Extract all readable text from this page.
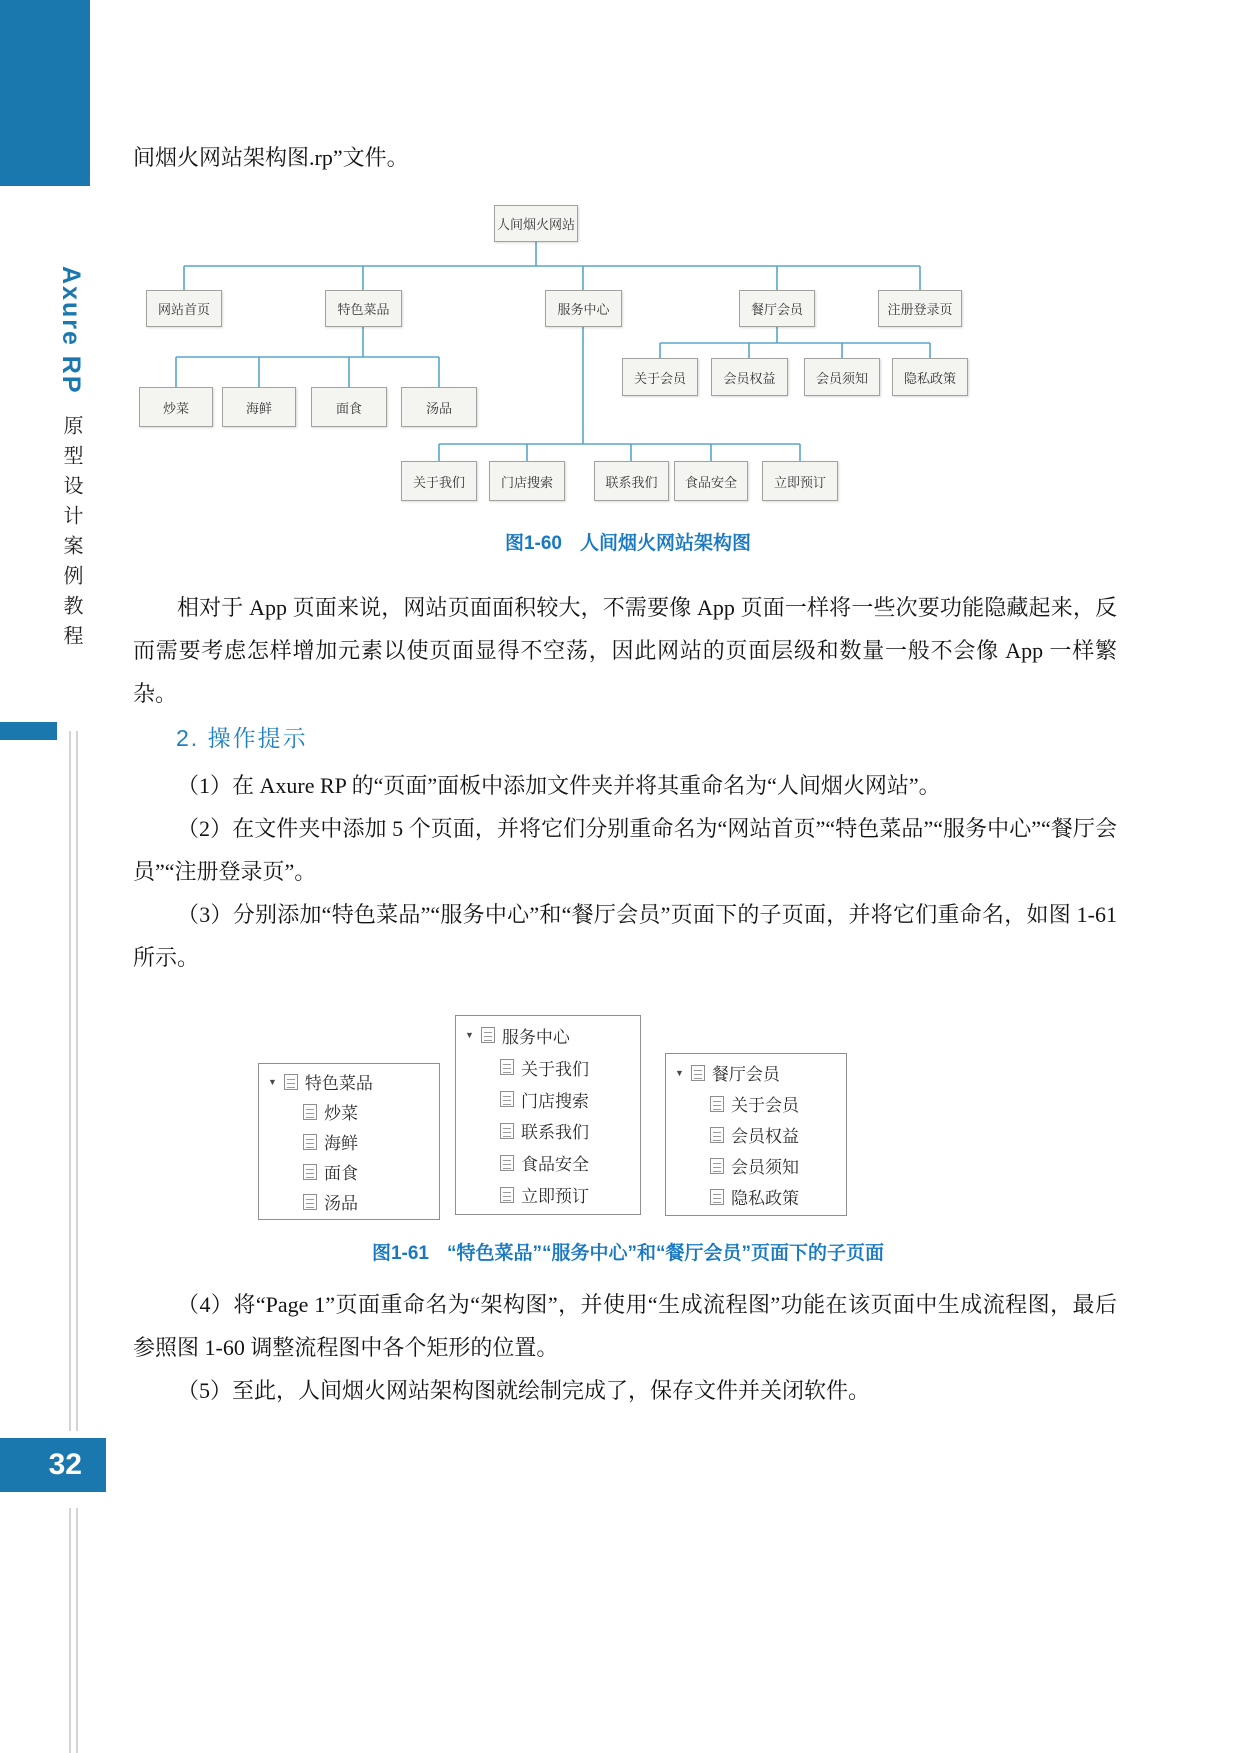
Axure RP 原型设计案例教程
32

间烟火网站架构图.rp”文件。

人间烟火网站
网站首页	特色菜品	服务中心	餐厅会员	注册登录页
炒菜	海鲜	面食	汤品
关于会员	会员权益	会员须知	隐私政策
关于我们	门店搜索	联系我们	食品安全	立即预订
图1-60 人间烟火网站架构图

相对于 App 页面来说，网站页面面积较大，不需要像 App 页面一样将一些次要功能隐藏起来，反而需要考虑怎样增加元素以使页面显得不空荡，因此网站的页面层级和数量一般不会像 App 一样繁杂。

2. 操作提示

（1）在 Axure RP 的“页面”面板中添加文件夹并将其重命名为“人间烟火网站”。

（2）在文件夹中添加 5 个页面，并将它们分别重命名为“网站首页”“特色菜品”“服务中心”“餐厅会员”“注册登录页”。

（3）分别添加“特色菜品”“服务中心”和“餐厅会员”页面下的子页面，并将它们重命名，如图 1-61 所示。

▼ 特色菜品
炒菜
海鲜
面食
汤品
▼ 服务中心
关于我们
门店搜索
联系我们
食品安全
立即预订
▼ 餐厅会员
关于会员
会员权益
会员须知
隐私政策
图1-61 “特色菜品”“服务中心”和“餐厅会员”页面下的子页面

（4）将“Page 1”页面重命名为“架构图”，并使用“生成流程图”功能在该页面中生成流程图，最后参照图 1-60 调整流程图中各个矩形的位置。

（5）至此，人间烟火网站架构图就绘制完成了，保存文件并关闭软件。
